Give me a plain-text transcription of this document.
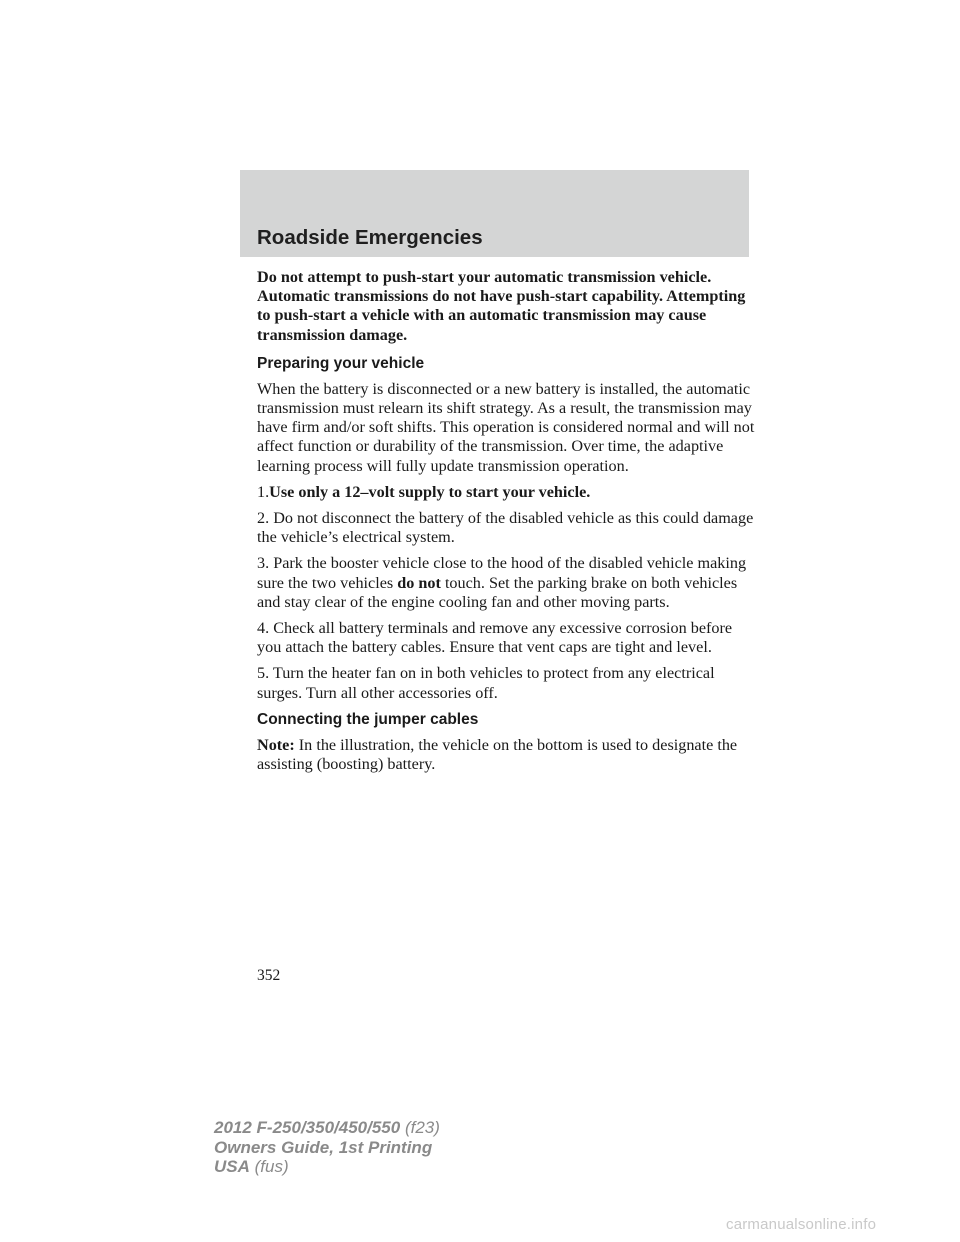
Roadside Emergencies

Do not attempt to push-start your automatic transmission vehicle. Automatic transmissions do not have push-start capability. Attempting to push-start a vehicle with an automatic transmission may cause transmission damage.

Preparing your vehicle

When the battery is disconnected or a new battery is installed, the automatic transmission must relearn its shift strategy. As a result, the transmission may have firm and/or soft shifts. This operation is considered normal and will not affect function or durability of the transmission. Over time, the adaptive learning process will fully update transmission operation.

1.Use only a 12–volt supply to start your vehicle.

2. Do not disconnect the battery of the disabled vehicle as this could damage the vehicle’s electrical system.

3. Park the booster vehicle close to the hood of the disabled vehicle making sure the two vehicles do not touch. Set the parking brake on both vehicles and stay clear of the engine cooling fan and other moving parts.

4. Check all battery terminals and remove any excessive corrosion before you attach the battery cables. Ensure that vent caps are tight and level.

5. Turn the heater fan on in both vehicles to protect from any electrical surges. Turn all other accessories off.

Connecting the jumper cables

Note: In the illustration, the vehicle on the bottom is used to designate the assisting (boosting) battery.

352
2012 F-250/350/450/550 (f23)
Owners Guide, 1st Printing
USA (fus)
carmanualsonline.info
